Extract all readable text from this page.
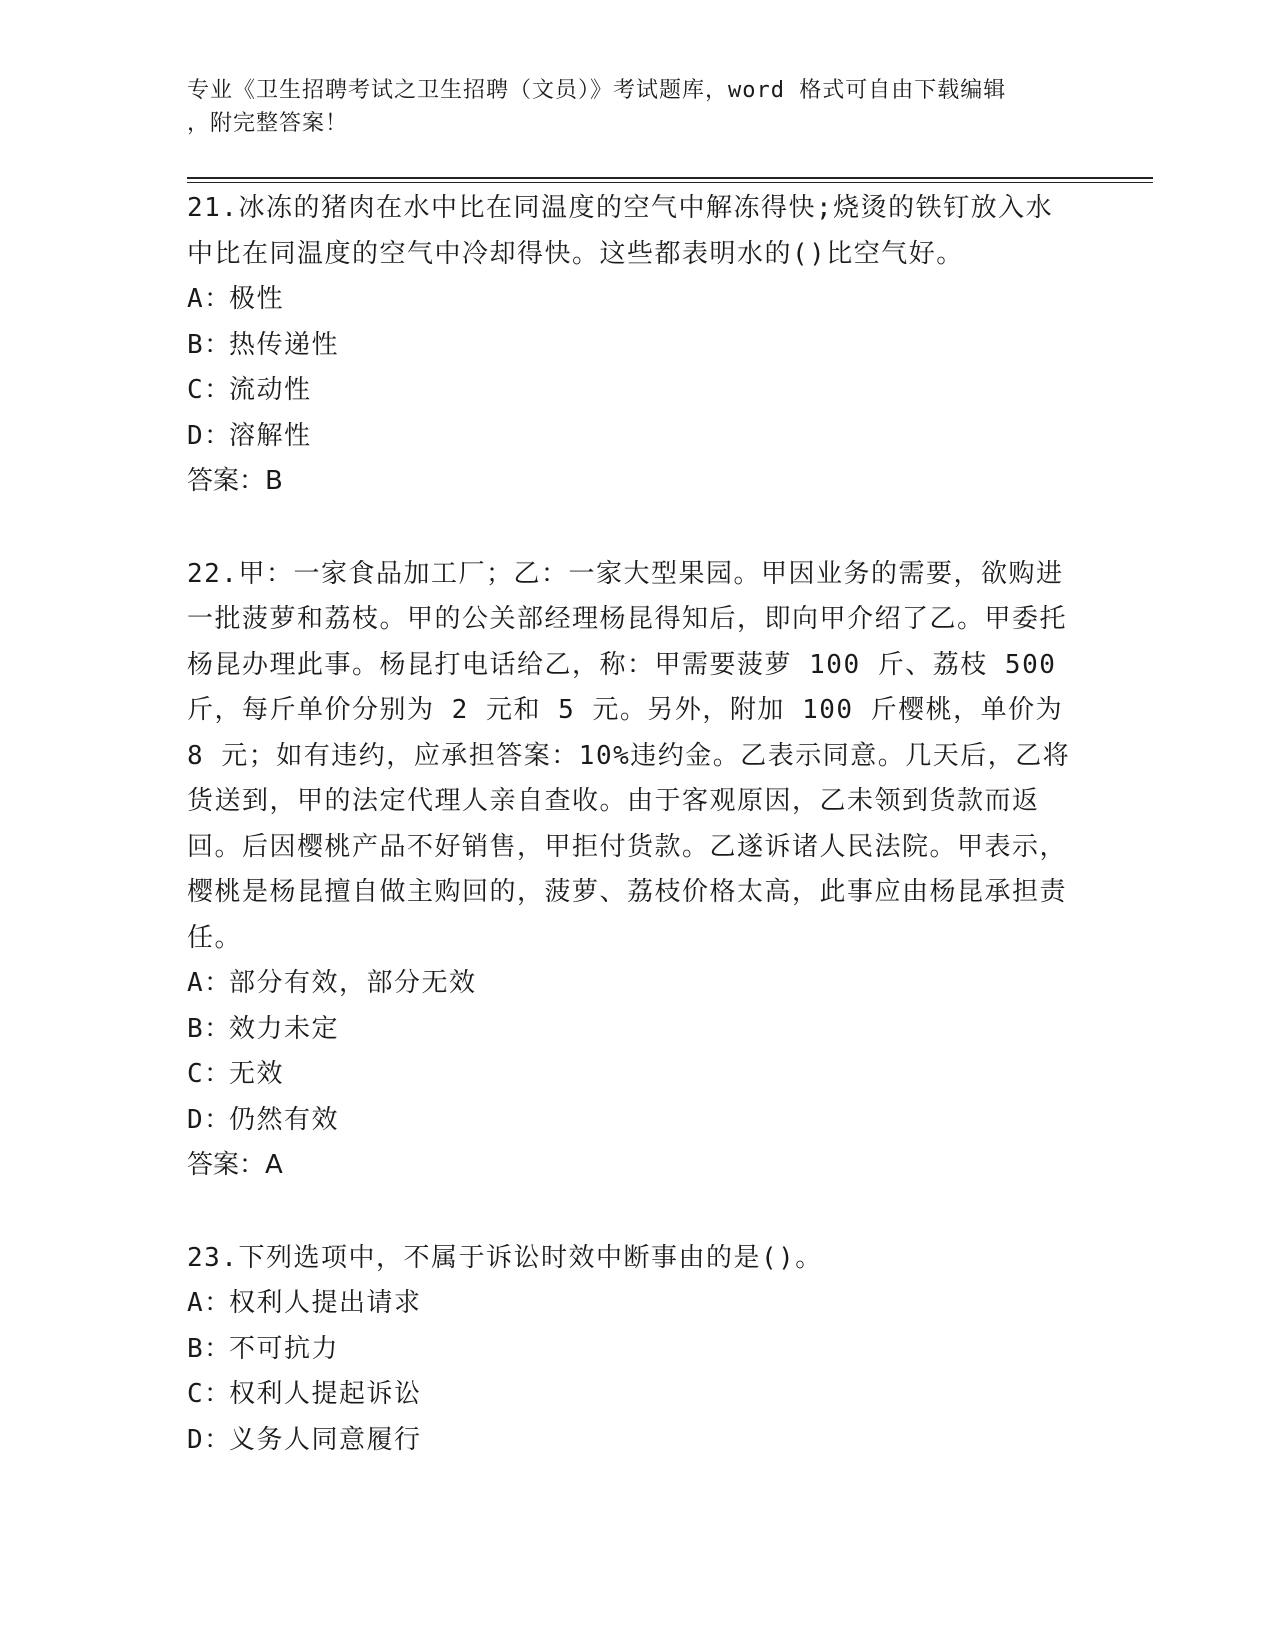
专业《卫生招聘考试之卫生招聘（文员）》考试题库，word 格式可自由下载编辑
，附完整答案！

21.冰冻的猪肉在水中比在同温度的空气中解冻得快;烧烫的铁钉放入水中比在同温度的空气中冷却得快。这些都表明水的()比空气好。

A：极性
B：热传递性
C：流动性
D：溶解性

答案：B

22.甲：一家食品加工厂；乙：一家大型果园。甲因业务的需要，欲购进一批菠萝和荔枝。甲的公关部经理杨昆得知后，即向甲介绍了乙。甲委托杨昆办理此事。杨昆打电话给乙，称：甲需要菠萝 100 斤、荔枝 500 斤，每斤单价分别为 2 元和 5 元。另外，附加 100 斤樱桃，单价为 8 元；如有违约，应承担答案：10%违约金。乙表示同意。几天后，乙将货送到，甲的法定代理人亲自查收。由于客观原因，乙未领到货款而返回。后因樱桃产品不好销售，甲拒付货款。乙遂诉诸人民法院。甲表示，樱桃是杨昆擅自做主购回的，菠萝、荔枝价格太高，此事应由杨昆承担责任。

A：部分有效，部分无效
B：效力未定
C：无效
D：仍然有效

答案：A

23.下列选项中，不属于诉讼时效中断事由的是()。

A：权利人提出请求
B：不可抗力
C：权利人提起诉讼
D：义务人同意履行
